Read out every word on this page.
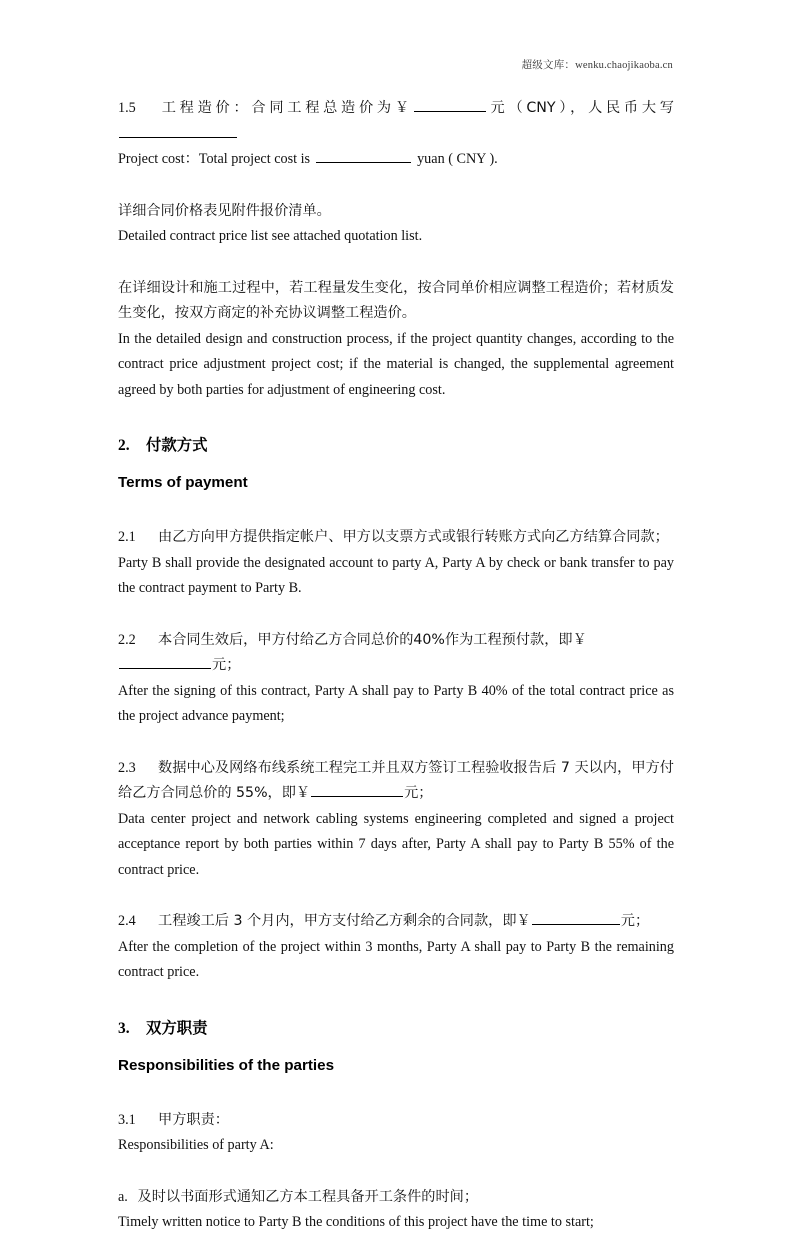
超级文库：wenku.chaojikaoba.cn

1.5 工程造价：合同工程总造价为￥	元（CNY），人民币大写

Project cost：Total project cost is	yuan ( CNY ).

详细合同价格表见附件报价清单。

Detailed contract price list see attached quotation list.

在详细设计和施工过程中，若工程量发生变化，按合同单价相应调整工程造价；若材质发生变化，按双方商定的补充协议调整工程造价。

In the detailed design and construction process, if the project quantity changes, according to the contract price adjustment project cost; if the material is changed, the supplemental agreement agreed by both parties for adjustment of engineering cost.

2. 付款方式

Terms of payment

2.1 由乙方向甲方提供指定帐户、甲方以支票方式或银行转账方式向乙方结算合同款；

Party B shall provide the designated account to party A, Party A by check or bank transfer to pay the contract payment to Party B.

2.2 本合同生效后，甲方付给乙方合同总价的40%作为工程预付款，即￥元；

After the signing of this contract, Party A shall pay to Party B 40% of the total contract price as the project advance payment;

2.3 数据中心及网络布线系统工程完工并且双方签订工程验收报告后 7 天以内，甲方付给乙方合同总价的 55%，即￥	元；

Data center project and network cabling systems engineering completed and signed a project acceptance report by both parties within 7 days after, Party A shall pay to Party B 55% of the contract price.

2.4 工程竣工后 3 个月内，甲方支付给乙方剩余的合同款，即￥	元；

After the completion of the project within 3 months, Party A shall pay to Party B the remaining contract price.

3. 双方职责

Responsibilities of the parties

3.1 甲方职责：

Responsibilities of party A:

a. 及时以书面形式通知乙方本工程具备开工条件的时间；

Timely written notice to Party B the conditions of this project have the time to start;
